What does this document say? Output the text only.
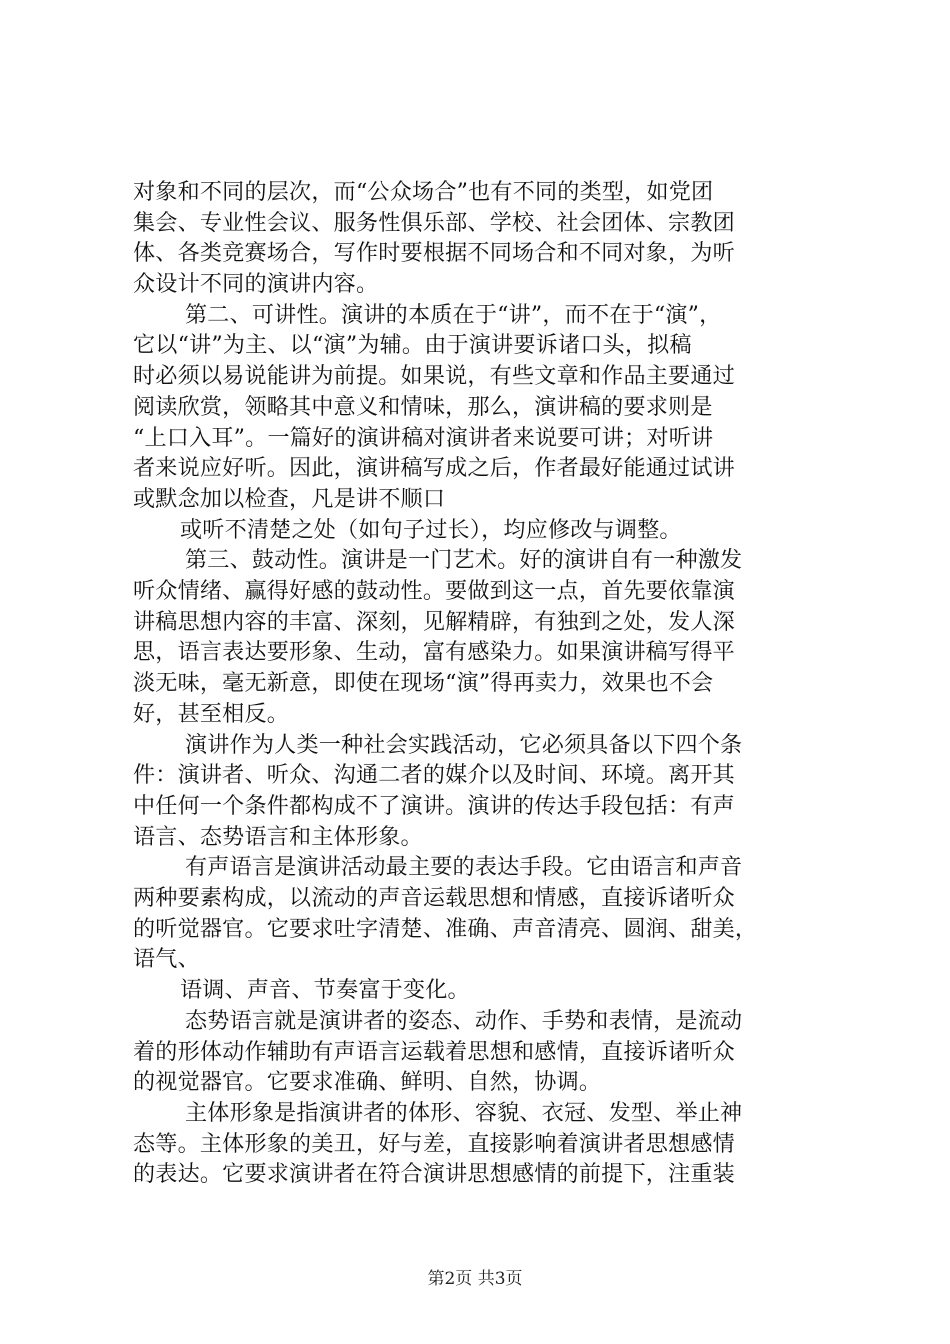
对象和不同的层次，而“公众场合”也有不同的类型，如党团
集会、专业性会议、服务性俱乐部、学校、社会团体、宗教团
体、各类竞赛场合，写作时要根据不同场合和不同对象，为听
众设计不同的演讲内容。
第二、可讲性。演讲的本质在于“讲”，而不在于“演”，
它以“讲”为主、以“演”为辅。由于演讲要诉诸口头，拟稿
时必须以易说能讲为前提。如果说，有些文章和作品主要通过
阅读欣赏，领略其中意义和情味，那么，演讲稿的要求则是
“上口入耳”。一篇好的演讲稿对演讲者来说要可讲；对听讲
者来说应好听。因此，演讲稿写成之后，作者最好能通过试讲
或默念加以检查，凡是讲不顺口
或听不清楚之处（如句子过长），均应修改与调整。
第三、鼓动性。演讲是一门艺术。好的演讲自有一种激发
听众情绪、赢得好感的鼓动性。要做到这一点，首先要依靠演
讲稿思想内容的丰富、深刻，见解精辟，有独到之处，发人深
思，语言表达要形象、生动，富有感染力。如果演讲稿写得平
淡无味，毫无新意，即使在现场“演”得再卖力，效果也不会
好，甚至相反。
演讲作为人类一种社会实践活动，它必须具备以下四个条
件：演讲者、听众、沟通二者的媒介以及时间、环境。离开其
中任何一个条件都构成不了演讲。演讲的传达手段包括：有声
语言、态势语言和主体形象。
有声语言是演讲活动最主要的表达手段。它由语言和声音
两种要素构成，以流动的声音运载思想和情感，直接诉诸听众
的听觉器官。它要求吐字清楚、准确、声音清亮、圆润、甜美，
语气、
语调、声音、节奏富于变化。
态势语言就是演讲者的姿态、动作、手势和表情，是流动
着的形体动作辅助有声语言运载着思想和感情，直接诉诸听众
的视觉器官。它要求准确、鲜明、自然，协调。
主体形象是指演讲者的体形、容貌、衣冠、发型、举止神
态等。主体形象的美丑，好与差，直接影响着演讲者思想感情
的表达。它要求演讲者在符合演讲思想感情的前提下，注重装
第2页 共3页
